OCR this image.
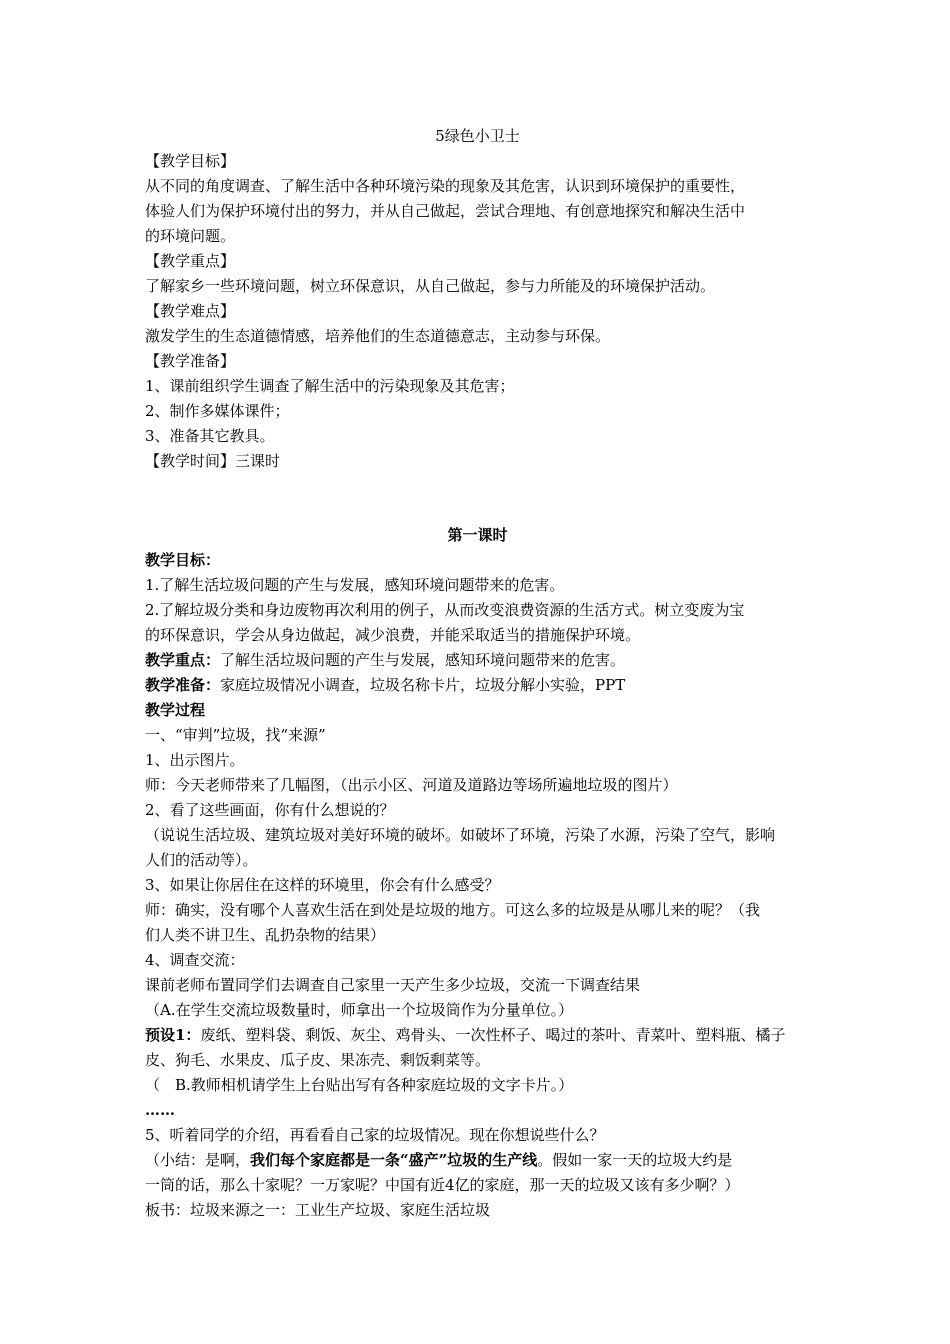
5绿色小卫士
【教学目标】
从不同的角度调查、了解生活中各种环境污染的现象及其危害，认识到环境保护的重要性，
体验人们为保护环境付出的努力，并从自己做起，尝试合理地、有创意地探究和解决生活中
的环境问题。
【教学重点】
了解家乡一些环境问题，树立环保意识，从自己做起，参与力所能及的环境保护活动。
【教学难点】
激发学生的生态道德情感，培养他们的生态道德意志，主动参与环保。
【教学准备】
1、课前组织学生调查了解生活中的污染现象及其危害；
2、制作多媒体课件；
3、准备其它教具。
【教学时间】三课时
第一课时
教学目标：
1.了解生活垃圾问题的产生与发展，感知环境问题带来的危害。
2.了解垃圾分类和身边废物再次利用的例子，从而改变浪费资源的生活方式。树立变废为宝
的环保意识，学会从身边做起，减少浪费，并能采取适当的措施保护环境。
教学重点：了解生活垃圾问题的产生与发展，感知环境问题带来的危害。
教学准备：家庭垃圾情况小调查，垃圾名称卡片，垃圾分解小实验，PPT
教学过程
一、“审判”垃圾，找“来源”
1、出示图片。
师：今天老师带来了几幅图，（出示小区、河道及道路边等场所遍地垃圾的图片）
2、看了这些画面，你有什么想说的？
（说说生活垃圾、建筑垃圾对美好环境的破坏。如破坏了环境，污染了水源，污染了空气，影响
人们的活动等）。
3、如果让你居住在这样的环境里，你会有什么感受？
师：确实，没有哪个人喜欢生活在到处是垃圾的地方。可这么多的垃圾是从哪儿来的呢？（我
们人类不讲卫生、乱扔杂物的结果）
4、调查交流：
课前老师布置同学们去调查自己家里一天产生多少垃圾，交流一下调查结果
（A.在学生交流垃圾数量时，师拿出一个垃圾筒作为分量单位。）
预设1：废纸、塑料袋、剩饭、灰尘、鸡骨头、一次性杯子、喝过的茶叶、青菜叶、塑料瓶、橘子
皮、狗毛、水果皮、瓜子皮、果冻壳、剩饭剩菜等。
（　B.教师相机请学生上台贴出写有各种家庭垃圾的文字卡片。）
……
5、听着同学的介绍，再看看自己家的垃圾情况。现在你想说些什么？
（小结：是啊，我们每个家庭都是一条“盛产”垃圾的生产线。假如一家一天的垃圾大约是
一筒的话，那么十家呢？一万家呢？中国有近4亿的家庭，那一天的垃圾又该有多少啊？）
板书：垃圾来源之一：工业生产垃圾、家庭生活垃圾
